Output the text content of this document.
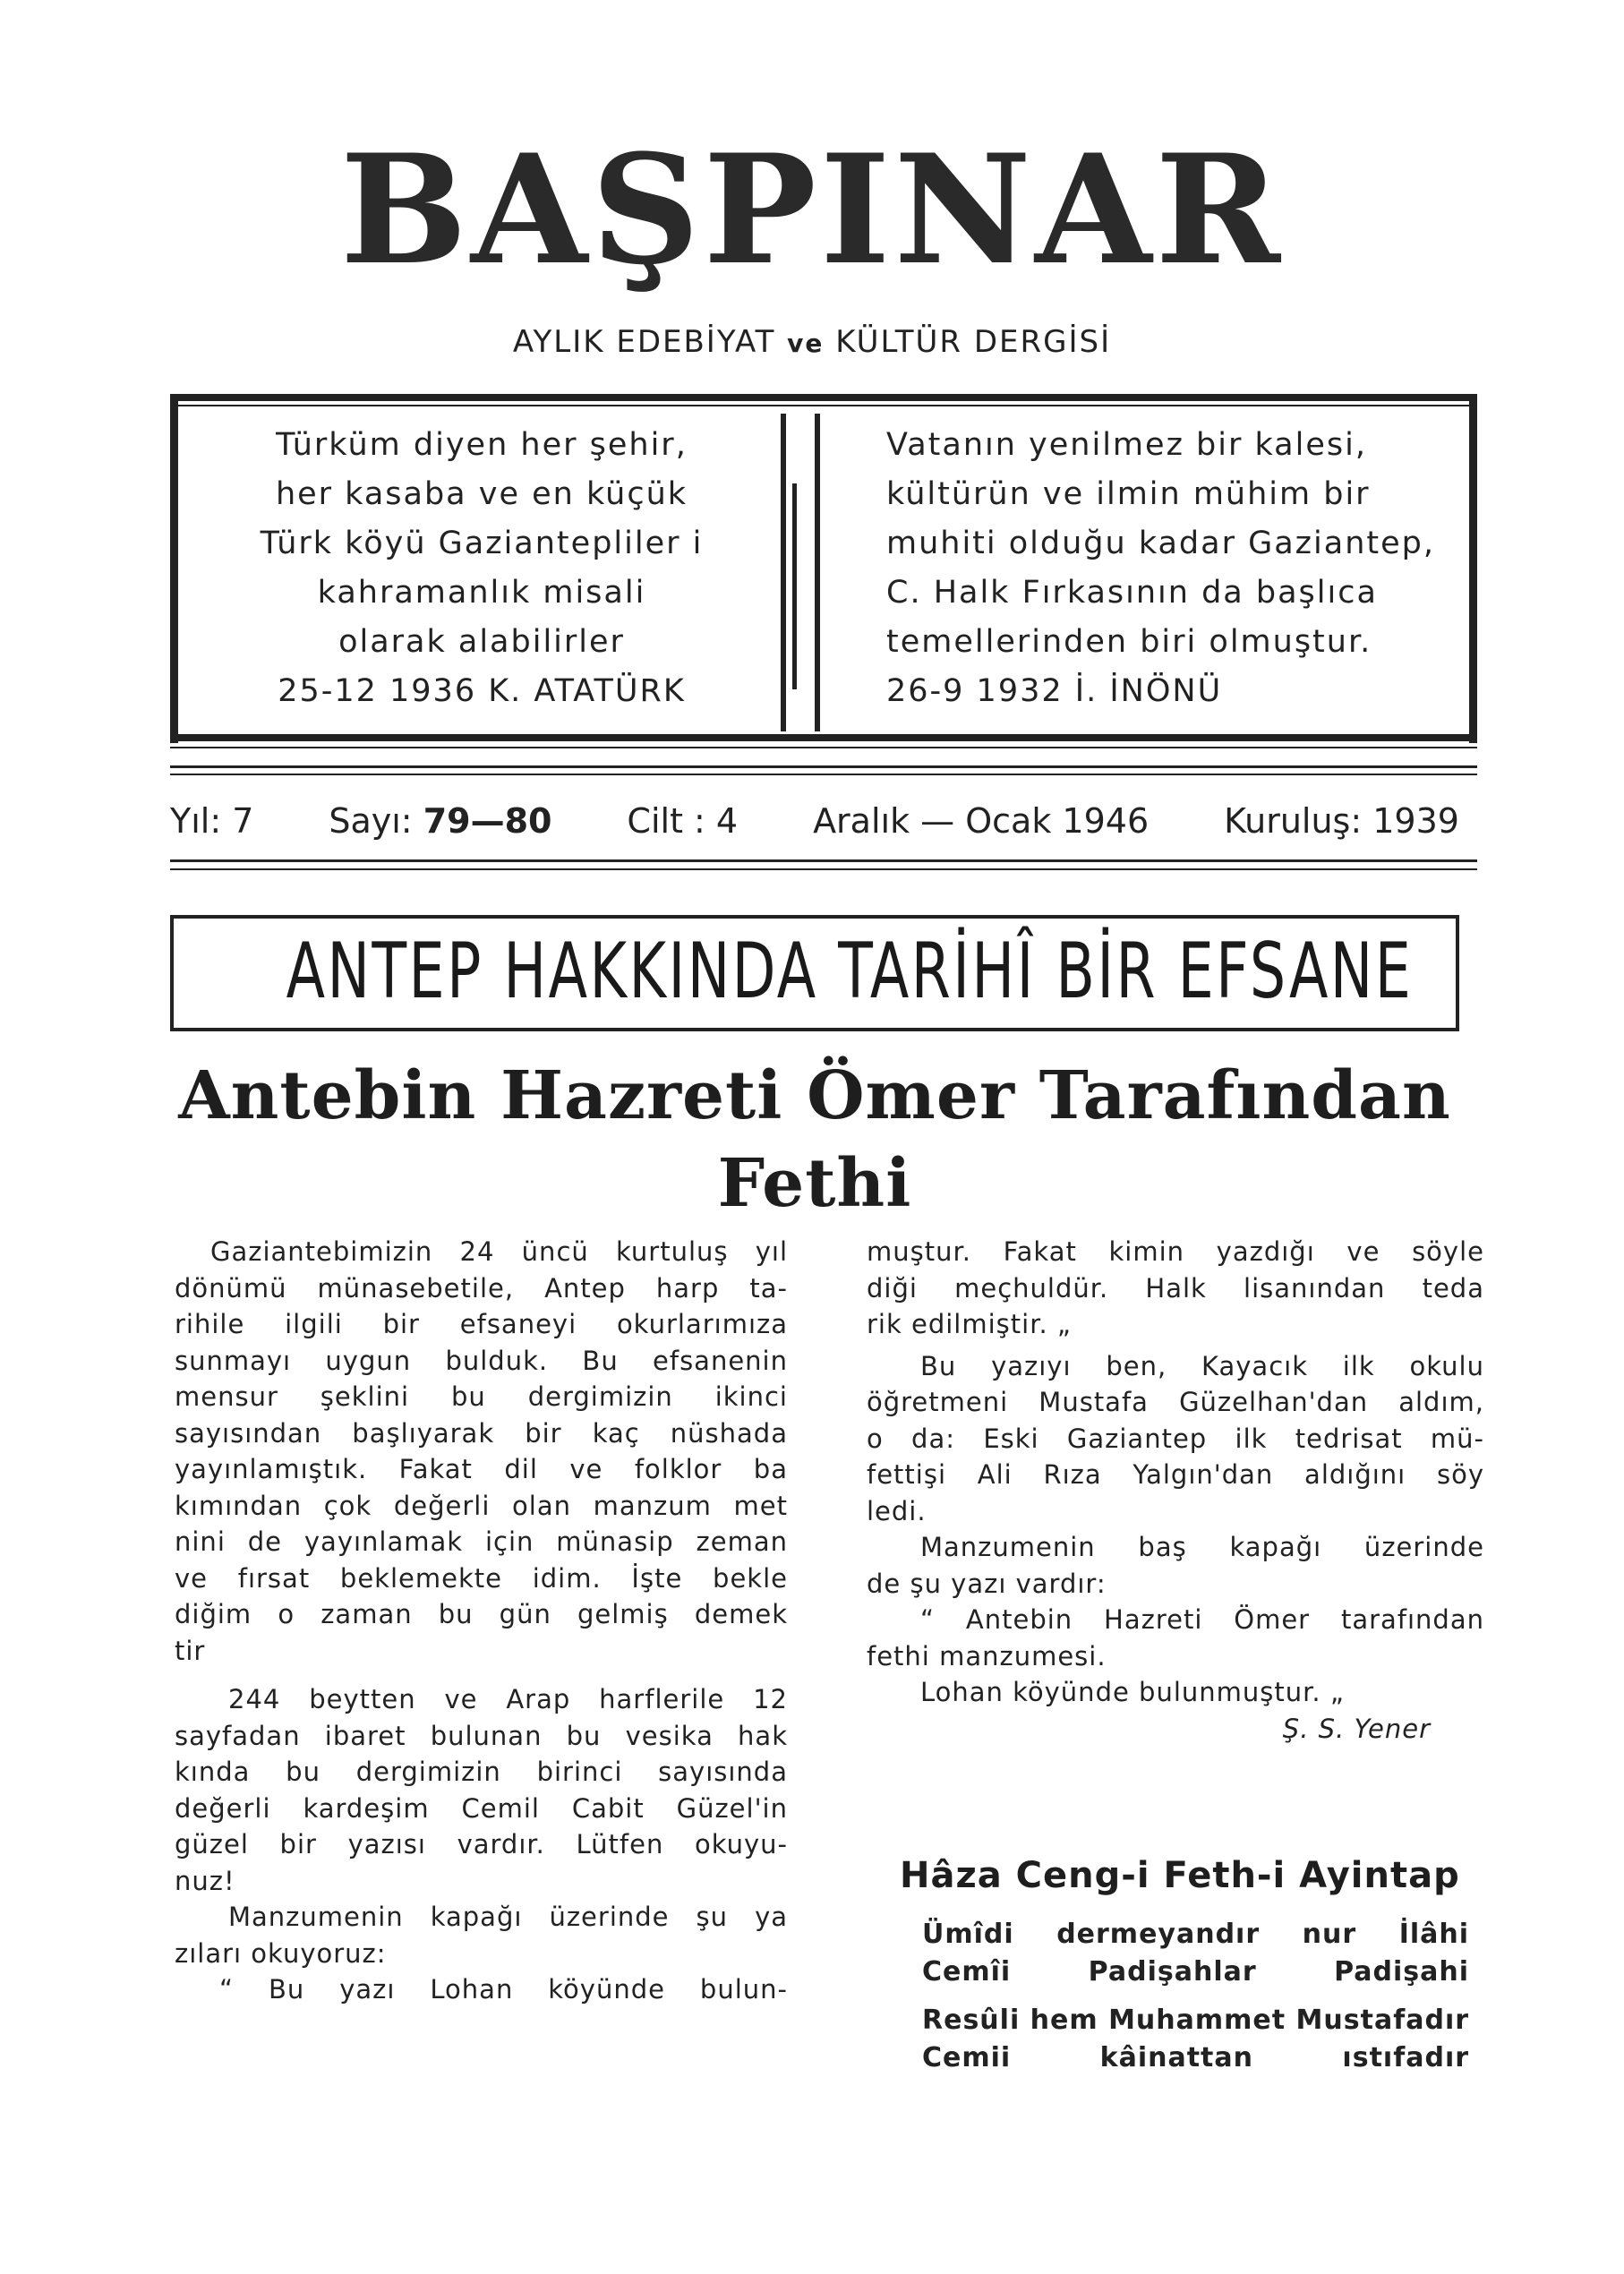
BAŞPINAR
AYLIK EDEBİYAT ve KÜLTÜR DERGİSİ
Türküm diyen her şehir,
her kasaba ve en küçük
Türk köyü Gaziantepliler i
kahramanlık misali
olarak alabilirler
25-12 1936 K. ATATÜRK
Vatanın yenilmez bir kalesi,
kültürün ve ilmin mühim bir
muhiti olduğu kadar Gaziantep,
C. Halk Fırkasının da başlıca
temellerinden biri olmuştur.
26-9 1932 İ. İNÖNÜ
Yıl: 7 Sayı: 79—80 Cilt : 4 Aralık — Ocak 1946 Kuruluş: 1939
ANTEP HAKKINDA TARİHÎ BİR EFSANE
Antebin Hazreti Ömer Tarafından
Fethi
Gaziantebimizin 24 üncü kurtuluş yıl
dönümü münasebetile, Antep harp ta-
rihile ilgili bir efsaneyi okurlarımıza
sunmayı uygun bulduk. Bu efsanenin
mensur şeklini bu dergimizin ikinci
sayısından başlıyarak bir kaç nüshada
yayınlamıştık. Fakat dil ve folklor ba
kımından çok değerli olan manzum met
nini de yayınlamak için münasip zeman
ve fırsat beklemekte idim. İşte bekle
diğim o zaman bu gün gelmiş demek
tir
244 beytten ve Arap harflerile 12
sayfadan ibaret bulunan bu vesika hak
kında bu dergimizin birinci sayısında
değerli kardeşim Cemil Cabit Güzel'in
güzel bir yazısı vardır. Lütfen okuyu-
nuz!
Manzumenin kapağı üzerinde şu ya
zıları okuyoruz:
“ Bu yazı Lohan köyünde bulun-
muştur. Fakat kimin yazdığı ve söyle
diği meçhuldür. Halk lisanından teda
rik edilmiştir. „
Bu yazıyı ben, Kayacık ilk okulu
öğretmeni Mustafa Güzelhan'dan aldım,
o da: Eski Gaziantep ilk tedrisat mü-
fettişi Ali Rıza Yalgın'dan aldığını söy
ledi.
Manzumenin baş kapağı üzerinde
de şu yazı vardır:
“ Antebin Hazreti Ömer tarafından
fethi manzumesi.
Lohan köyünde bulunmuştur. „
Ş. S. Yener
Hâza Ceng-i Feth-i Ayintap
Ümîdi dermeyandır nur İlâhi
Cemîi Padişahlar Padişahi
Resûli hem Muhammet Mustafadır
Cemii kâinattan ıstıfadır
